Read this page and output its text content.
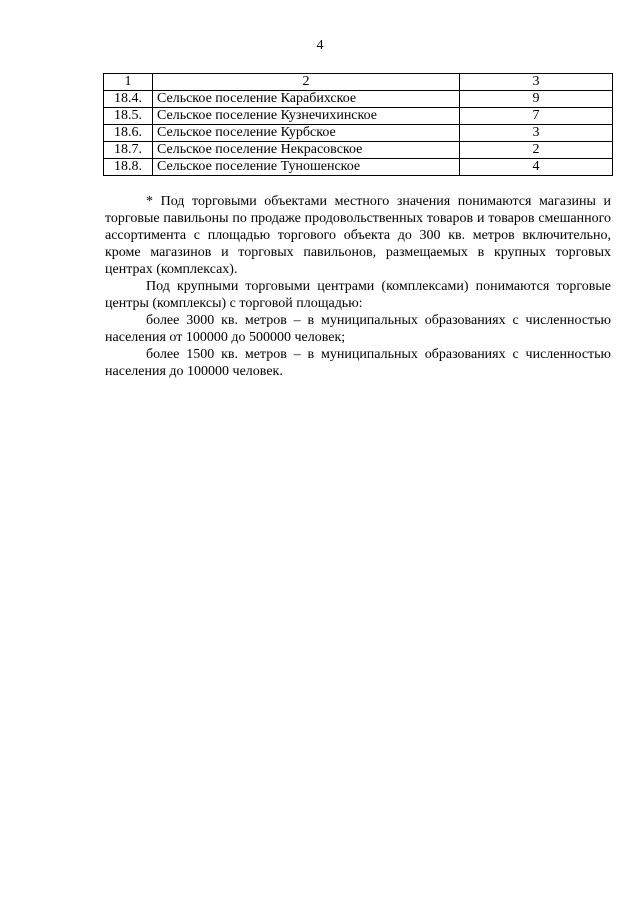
4
1	2	3
18.4.	Сельское поселение Карабихское	9
18.5.	Сельское поселение Кузнечихинское	7
18.6.	Сельское поселение Курбское	3
18.7.	Сельское поселение Некрасовское	2
18.8.	Сельское поселение Туношенское	4

* Под торговыми объектами местного значения понимаются магазины и торговые павильоны по продаже продовольственных товаров и товаров смешанного ассортимента с площадью торгового объекта до 300 кв. метров включительно, кроме магазинов и торговых павильонов, размещаемых в крупных торговых центрах (комплексах).

Под крупными торговыми центрами (комплексами) понимаются торговые центры (комплексы) с торговой площадью:

более 3000 кв. метров – в муниципальных образованиях с численностью населения от 100000 до 500000 человек;

более 1500 кв. метров – в муниципальных образованиях с численностью населения до 100000 человек.
